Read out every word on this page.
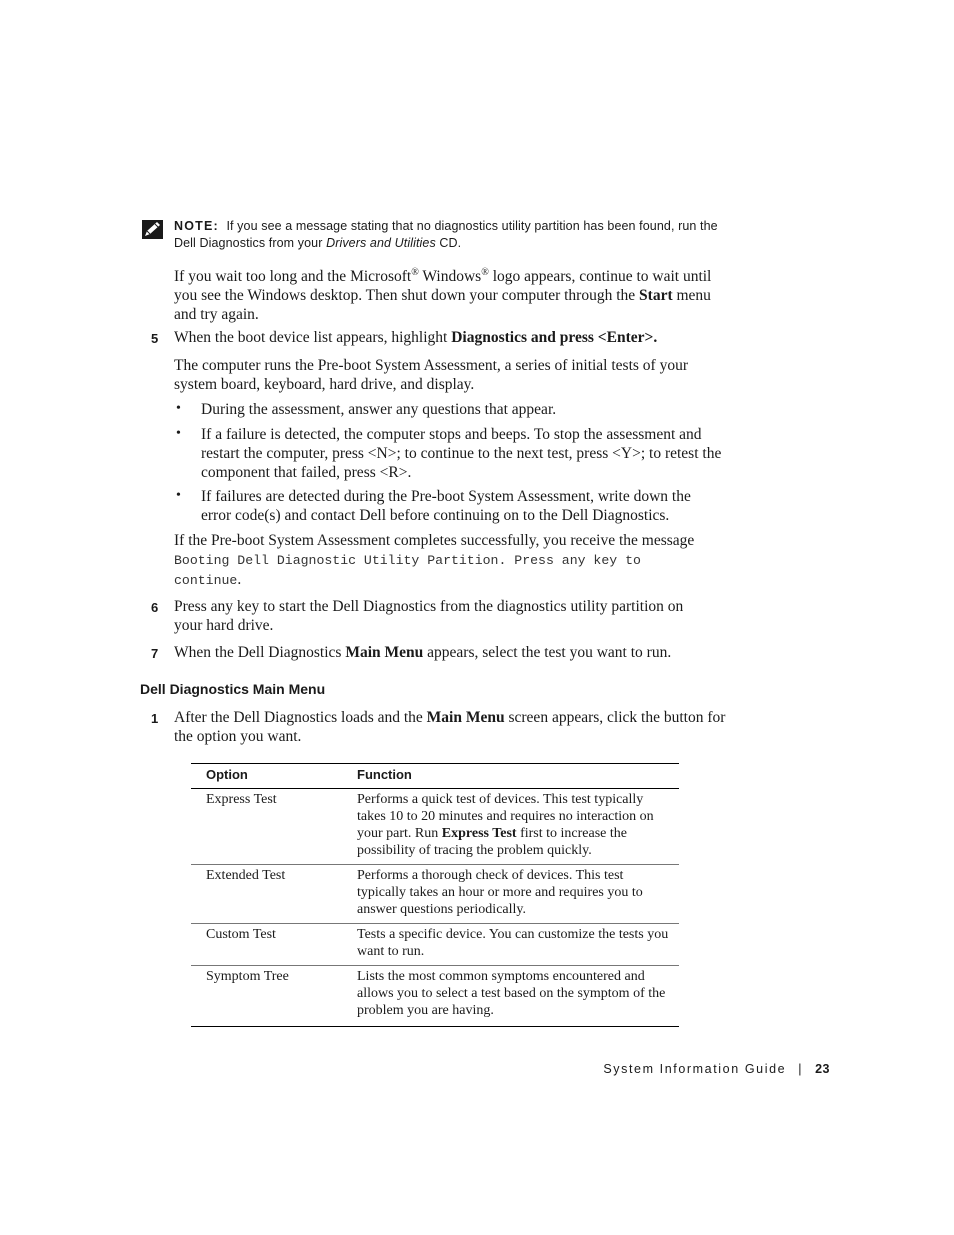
NOTE: If you see a message stating that no diagnostics utility partition has been found, run the Dell Diagnostics from your Drivers and Utilities CD.
If you wait too long and the Microsoft® Windows® logo appears, continue to wait until you see the Windows desktop. Then shut down your computer through the Start menu and try again.
5 When the boot device list appears, highlight Diagnostics and press <Enter>.
The computer runs the Pre-boot System Assessment, a series of initial tests of your system board, keyboard, hard drive, and display.
• During the assessment, answer any questions that appear.
• If a failure is detected, the computer stops and beeps. To stop the assessment and restart the computer, press <N>; to continue to the next test, press <Y>; to retest the component that failed, press <R>.
• If failures are detected during the Pre-boot System Assessment, write down the error code(s) and contact Dell before continuing on to the Dell Diagnostics.
If the Pre-boot System Assessment completes successfully, you receive the message
Booting Dell Diagnostic Utility Partition. Press any key to continue.
6 Press any key to start the Dell Diagnostics from the diagnostics utility partition on your hard drive.
7 When the Dell Diagnostics Main Menu appears, select the test you want to run.
Dell Diagnostics Main Menu
1 After the Dell Diagnostics loads and the Main Menu screen appears, click the button for the option you want.
Option	Function
Express Test	Performs a quick test of devices. This test typically takes 10 to 20 minutes and requires no interaction on your part. Run Express Test first to increase the possibility of tracing the problem quickly.
Extended Test	Performs a thorough check of devices. This test typically takes an hour or more and requires you to answer questions periodically.
Custom Test	Tests a specific device. You can customize the tests you want to run.
Symptom Tree	Lists the most common symptoms encountered and allows you to select a test based on the symptom of the problem you are having.
System Information Guide | 23
